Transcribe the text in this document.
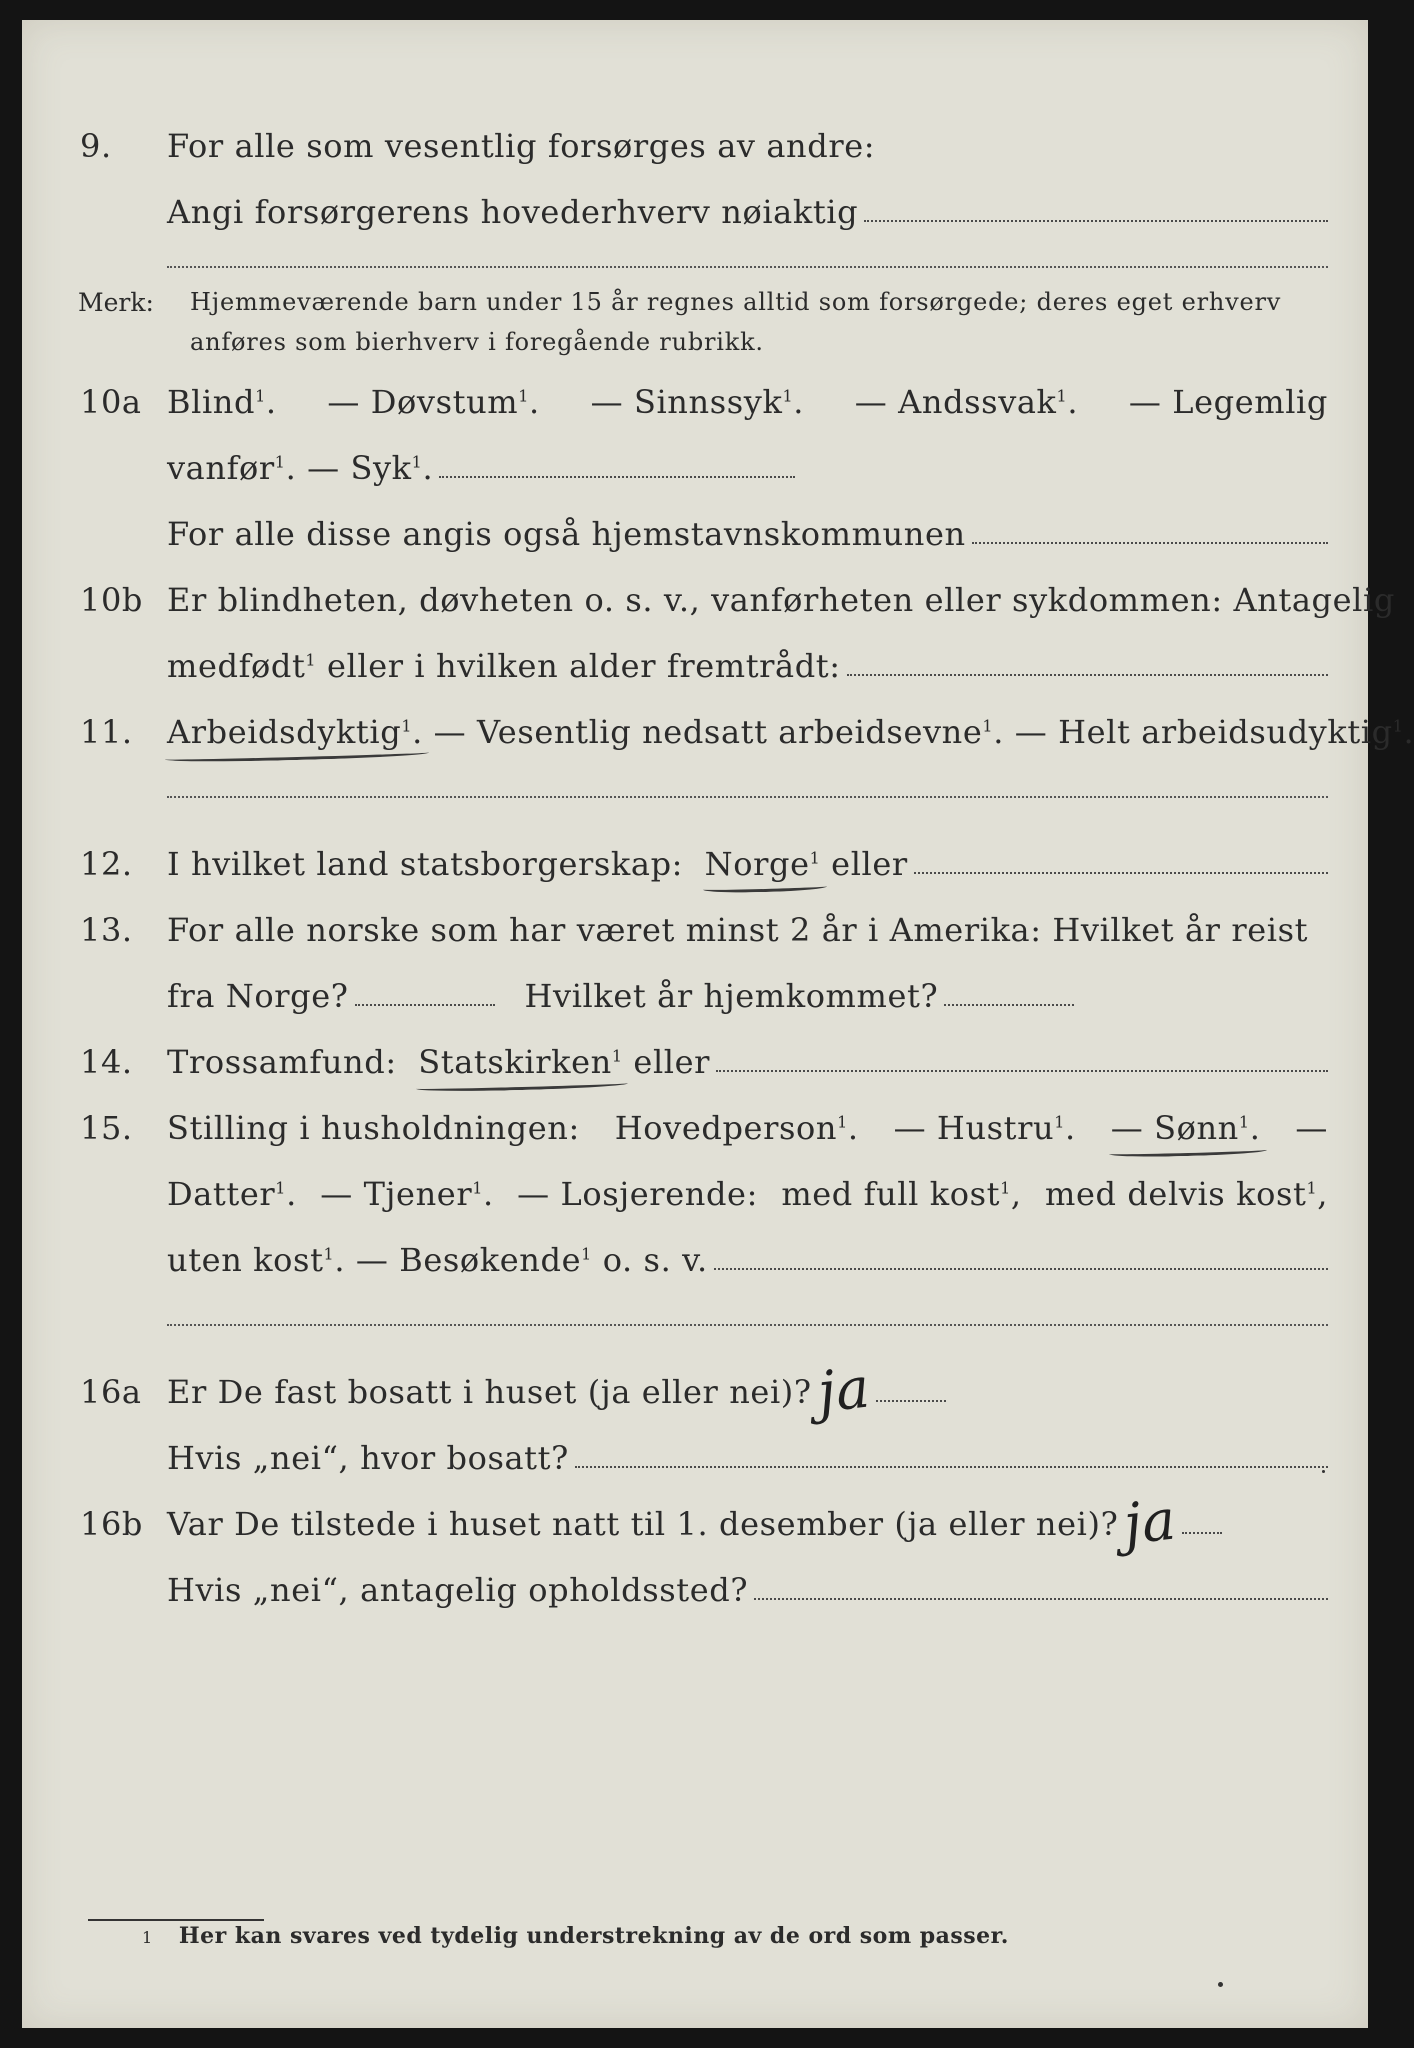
9. For alle som vesentlig forsørges av andre:
Angi forsørgerens hovederhverv nøiaktig
Merk: Hjemmeværende barn under 15 år regnes alltid som forsørgede; deres eget erhverv
anføres som bierhverv i foregående rubrikk.
10a Blind$^1$. — Døvstum$^1$. — Sinnssyk$^1$. — Andssvak$^1$. — Legemlig
vanfør$^1$. — Syk$^1$.
For alle disse angis også hjemstavnskommunen
10b Er blindheten, døvheten o. s. v., vanførheten eller sykdommen: Antagelig
medfødt$^1$ eller i hvilken alder fremtrådt:
11. Arbeidsdyktig$^1$.
— Vesentlig nedsatt arbeidsevne$^1$.
— Helt arbeidsudyktig$^1$.
12. I hvilket land statsborgerskap:
Norge$^1$
eller
13. For alle norske som har været minst 2 år i Amerika: Hvilket år reist
fra Norge?	Hvilket år hjemkommet?
14. Trossamfund:
Statskirken$^1$
eller
15. Stilling i husholdningen: Hovedperson$^1$. — Hustru$^1$. — Sønn$^1$. —
Datter$^1$. — Tjener$^1$. — Losjerende: med full kost$^1$, med delvis kost$^1$,
uten kost$^1$. — Besøkende$^1$ o. s. v.
16a Er De fast bosatt i huset (ja eller nei)? ja
Hvis „nei“, hvor bosatt?
16b Var De tilstede i huset natt til 1. desember (ja eller nei)? ja
Hvis „nei“, antagelig opholdssted?
1 Her kan svares ved tydelig understrekning av de ord som passer.
